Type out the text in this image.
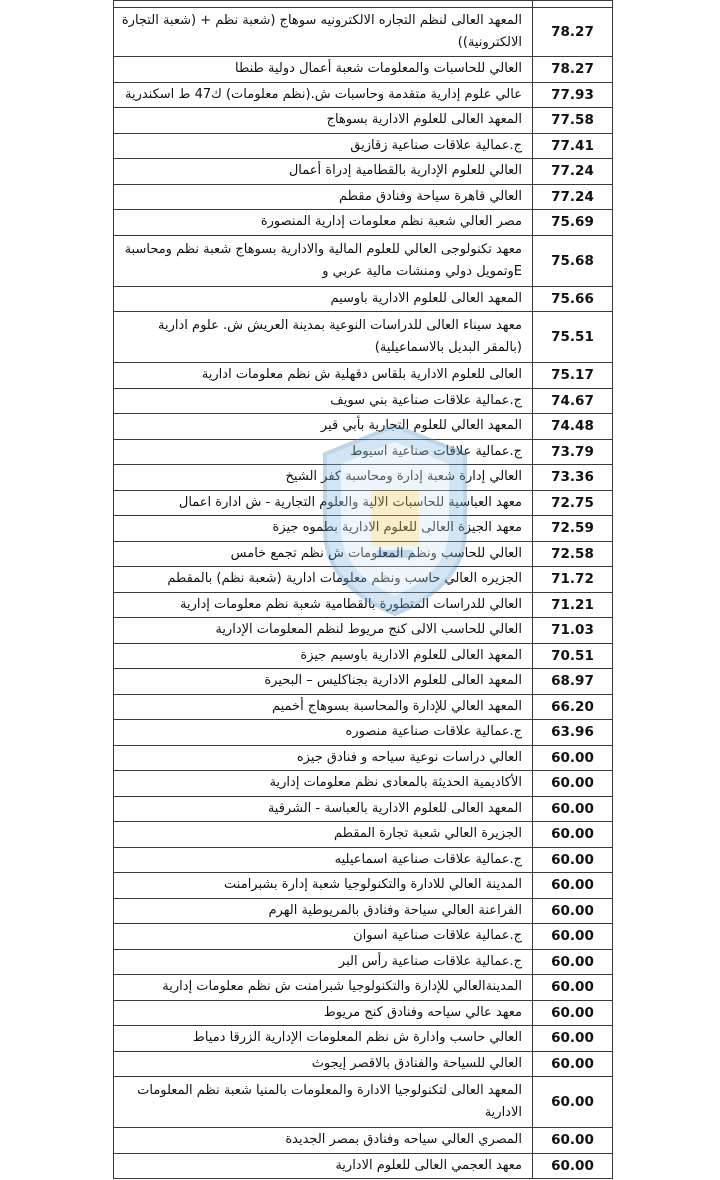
المعهد العالى لنظم التجاره الالكترونيه سوهاج (شعبة نظم + (شعبة التجارة الالكترونية))	78.27
العالي للحاسبات والمعلومات شعبة أعمال دولية طنطا	78.27
عالي علوم إدارية متقدمة وحاسبات ش.(نظم معلومات) ك47 ط اسكندرية	77.93
المعهد العالى للعلوم الادارية بسوهاج	77.58
ج.عمالية علاقات صناعية زقازيق	77.41
العالي للعلوم الإدارية بالقطامية إدراة أعمال	77.24
العالي قاهرة سياحة وفنادق مقطم	77.24
مصر العالي شعبة نظم معلومات إدارية المنصورة	75.69
معهد تكنولوجى العالي للعلوم المالية والادارية بسوهاج شعبة نظم ومحاسبة Eوتمويل دولي ومنشات مالية عربي و	75.68
المعهد العالى للعلوم الادارية باوسيم	75.66
معهد سيناء العالى للدراسات النوعية بمدينة العريش ش. علوم ادارية (بالمقر البديل بالاسماعيلية)	75.51
العالى للعلوم الادارية بلقاس دقهلية ش نظم معلومات ادارية	75.17
ج.عمالية علاقات صناعية بني سويف	74.67
المعهد العالي للعلوم التجارية بأبي قير	74.48
ج.عمالية علاقات صناعية اسيوط	73.79
العالي إدارة شعبة إدارة ومحاسبة كفر الشيخ	73.36
معهد العباسية للحاسبات الالية والعلوم التجارية - ش ادارة اعمال	72.75
معهد الجيزة العالى للعلوم الادارية بطموه جيزة	72.59
العالي للحاسب ونظم المعلومات ش نظم تجمع خامس	72.58
الجزيره العالي حاسب ونظم معلومات ادارية (شعبة نظم) بالمقطم	71.72
العالي للدراسات المتطورة بالقطامية شعبة نظم معلومات إدارية	71.21
العالي للحاسب الالى كنج مريوط لنظم المعلومات الإدارية	71.03
المعهد العالى للعلوم الادارية باوسيم جيزة	70.51
المعهد العالى للعلوم الادارية بجناكليس – البحيرة	68.97
المعهد العالي للإدارة والمحاسبة بسوهاج أخميم	66.20
ج.عمالية علاقات صناعية منصوره	63.96
العالي دراسات نوعية سياحه و فنادق جيزه	60.00
الأكاديمية الحديثة بالمعادى نظم معلومات إدارية	60.00
المعهد العالى للعلوم الادارية بالعباسة - الشرقية	60.00
الجزيرة العالي شعبة تجارة المقطم	60.00
ج.عمالية علاقات صناعية اسماعيليه	60.00
المدينة العالي للادارة والتكنولوجيا شعبة إدارة بشبرامنت	60.00
الفراعنة العالي سياحة وفنادق بالمريوطية الهرم	60.00
ج.عمالية علاقات صناعية اسوان	60.00
ج.عمالية علاقات صناعية رأس البر	60.00
المدينةالعالي للإدارة والتكنولوجيا شبرامنت ش نظم معلومات إدارية	60.00
معهد عالي سياحه وفنادق كنج مريوط	60.00
العالي حاسب وادارة ش نظم المعلومات الإدارية الزرقا دمياط	60.00
العالي للسياحة والفنادق بالاقصر إيجوث	60.00
المعهد العالى لتكنولوجيا الادارة والمعلومات بالمنيا شعبة نظم المعلومات الادارية	60.00
المصري العالي سياحه وفنادق بمصر الجديدة	60.00
معهد العجمي العالى للعلوم الادارية	60.00
